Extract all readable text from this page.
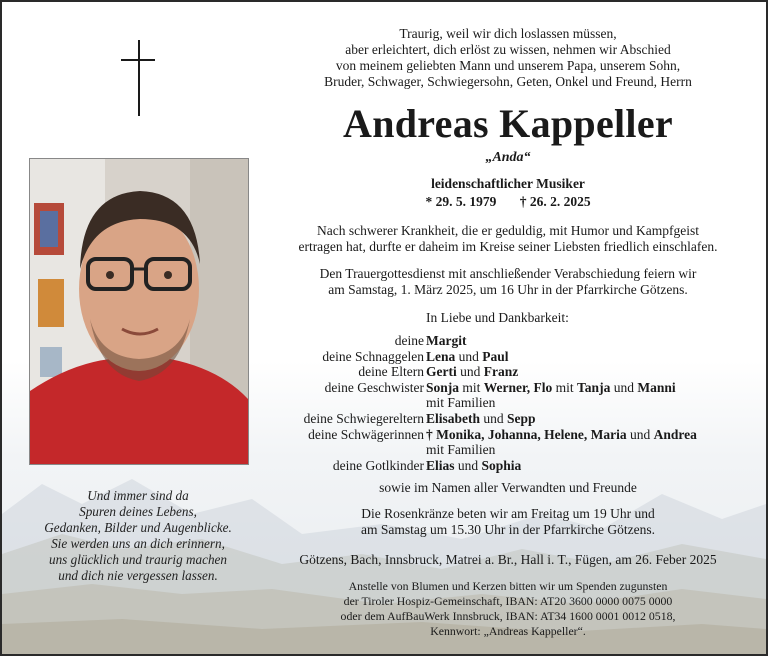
Und immer sind da
Spuren deines Lebens,
Gedanken, Bilder und Augenblicke.
Sie werden uns an dich erinnern,
uns glücklich und traurig machen
und dich nie vergessen lassen.
Traurig, weil wir dich loslassen müssen,
aber erleichtert, dich erlöst zu wissen, nehmen wir Abschied
von meinem geliebten Mann und unserem Papa, unserem Sohn,
Bruder, Schwager, Schwiegersohn, Geten, Onkel und Freund, Herrn
Andreas Kappeller
„Anda“
leidenschaftlicher Musiker
* 29. 5. 1979 † 26. 2. 2025
Nach schwerer Krankheit, die er geduldig, mit Humor und Kampfgeist
ertragen hat, durfte er daheim im Kreise seiner Liebsten friedlich einschlafen.
Den Trauergottesdienst mit anschließender Verabschiedung feiern wir
am Samstag, 1. März 2025, um 16 Uhr in der Pfarrkirche Götzens.
In Liebe und Dankbarkeit:
deine Margit
deine Schnaggelen Lena und Paul
deine Eltern Gerti und Franz
deine Geschwister Sonja mit Werner, Flo mit Tanja und Manni
mit Familien
deine Schwiegereltern Elisabeth und Sepp
deine Schwägerinnen † Monika, Johanna, Helene, Maria und Andrea
mit Familien
deine Gotlkinder Elias und Sophia
sowie im Namen aller Verwandten und Freunde
Die Rosenkränze beten wir am Freitag um 19 Uhr und
am Samstag um 15.30 Uhr in der Pfarrkirche Götzens.
Götzens, Bach, Innsbruck, Matrei a. Br., Hall i. T., Fügen, am 26. Feber 2025
Anstelle von Blumen und Kerzen bitten wir um Spenden zugunsten
der Tiroler Hospiz-Gemeinschaft, IBAN: AT20 3600 0000 0075 0000
oder dem AufBauWerk Innsbruck, IBAN: AT34 1600 0001 0012 0518,
Kennwort: „Andreas Kappeller“.
